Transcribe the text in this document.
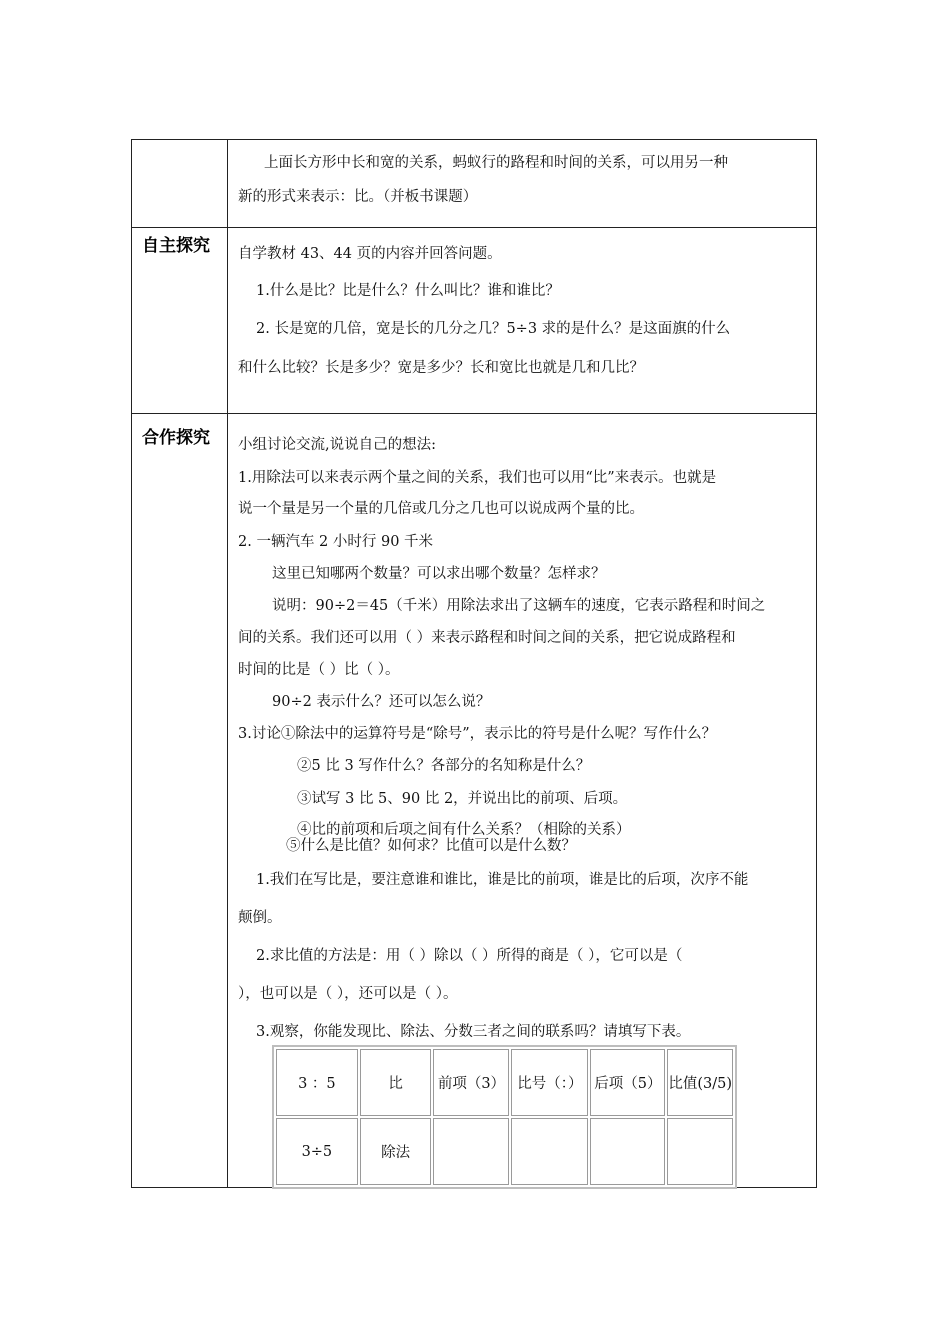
上面长方形中长和宽的关系，蚂蚁行的路程和时间的关系，可以用另一种
新的形式来表示：比。（并板书课题）
自主探究 自学教材 43、44 页的内容并回答问题。
1.什么是比？比是什么？什么叫比？谁和谁比？
2. 长是宽的几倍，宽是长的几分之几？5÷3 求的是什么？是这面旗的什么
和什么比较？长是多少？宽是多少？长和宽比也就是几和几比？
合作探究 小组讨论交流,说说自己的想法:
1.用除法可以来表示两个量之间的关系，我们也可以用“比”来表示。也就是
说一个量是另一个量的几倍或几分之几也可以说成两个量的比。
2. 一辆汽车 2 小时行 90 千米
这里已知哪两个数量？可以求出哪个数量？怎样求？
说明：90÷2＝45（千米）用除法求出了这辆车的速度，它表示路程和时间之
间的关系。我们还可以用（ ）来表示路程和时间之间的关系，把它说成路程和
时间的比是（ ）比（ ）。
90÷2 表示什么？还可以怎么说？
3.讨论①除法中的运算符号是“除号”，表示比的符号是什么呢？写作什么？
②5 比 3 写作什么？各部分的名知称是什么？
③试写 3 比 5、90 比 2，并说出比的前项、后项。
④比的前项和后项之间有什么关系？（相除的关系）
⑤什么是比值？如何求？比值可以是什么数？
1.我们在写比是，要注意谁和谁比，谁是比的前项，谁是比的后项，次序不能
颠倒。
2.求比值的方法是：用（ ）除以（ ）所得的商是（ ），它可以是（
），也可以是（ ），还可以是（ ）。
3.观察，你能发现比、除法、分数三者之间的联系吗？请填写下表。
3 ：5	比	前项（3）	比号（：）	后项（5）	比值(3/5)
3÷5	除法				
